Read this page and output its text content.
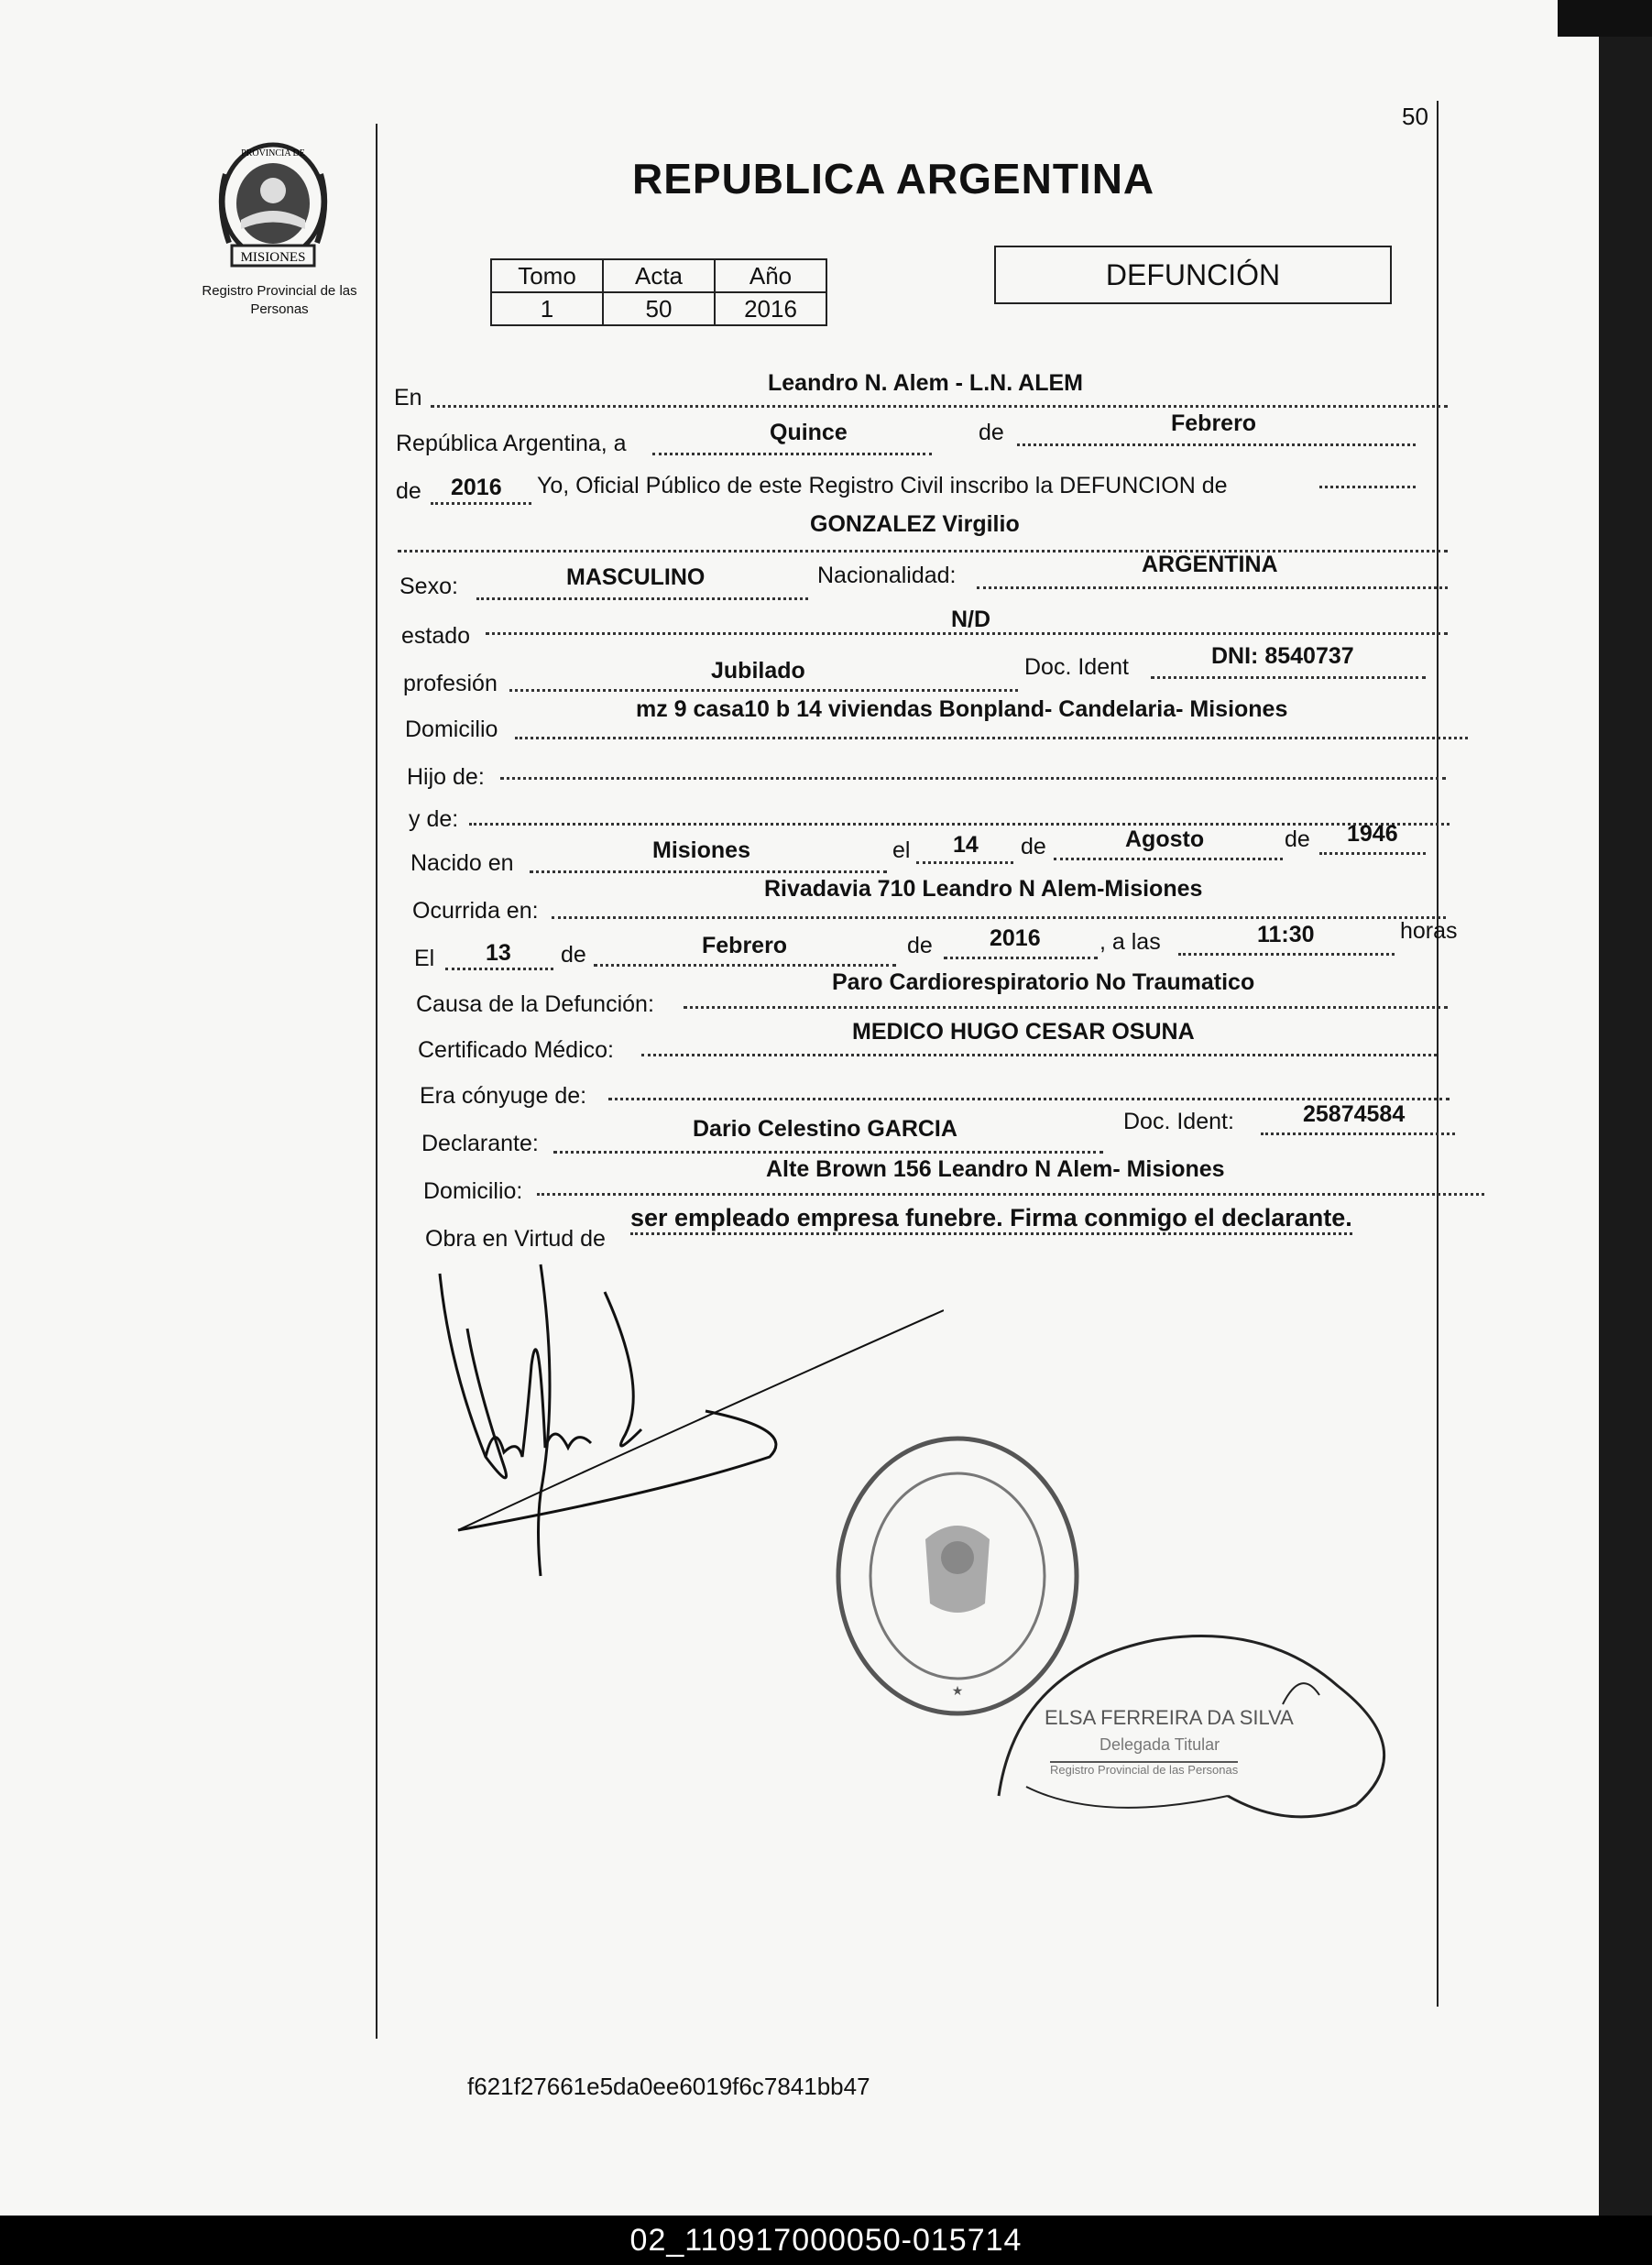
50
MISIONES
PROVINCIA DE
Registro Provincial de las Personas
REPUBLICA ARGENTINA
Tomo	Acta	Año
1	50	2016
DEFUNCIÓN
En
Leandro N. Alem - L.N. ALEM
República Argentina, a	Quince	de	Febrero
de 2016 Yo, Oficial Público de este Registro Civil inscribo la DEFUNCION de
GONZALEZ Virgilio
Sexo:	MASCULINO	Nacionalidad:	ARGENTINA
estado
N/D
profesión	Jubilado	Doc. Ident	DNI: 8540737
Domicilio
mz 9 casa10 b 14 viviendas Bonpland- Candelaria- Misiones
Hijo de:
y de:
Nacido en	Misiones	el 14 de	Agosto	de 1946
Ocurrida en:
Rivadavia 710 Leandro N Alem-Misiones
El 13 de	Febrero	de 2016	, a las	11:30	horas
Causa de la Defunción:
Paro Cardiorespiratorio No Traumatico
Certificado Médico:
MEDICO HUGO CESAR OSUNA
Era cónyuge de:
Declarante:
Dario Celestino GARCIA	Doc. Ident:	25874584
Domicilio:
Alte Brown 156 Leandro N Alem- Misiones
Obra en Virtud de
ser empleado empresa funebre. Firma conmigo el declarante.
★
ELSA FERREIRA DA SILVA
Delegada Titular
Registro Provincial de las Personas
f621f27661e5da0ee6019f6c7841bb47
02_110917000050-015714
